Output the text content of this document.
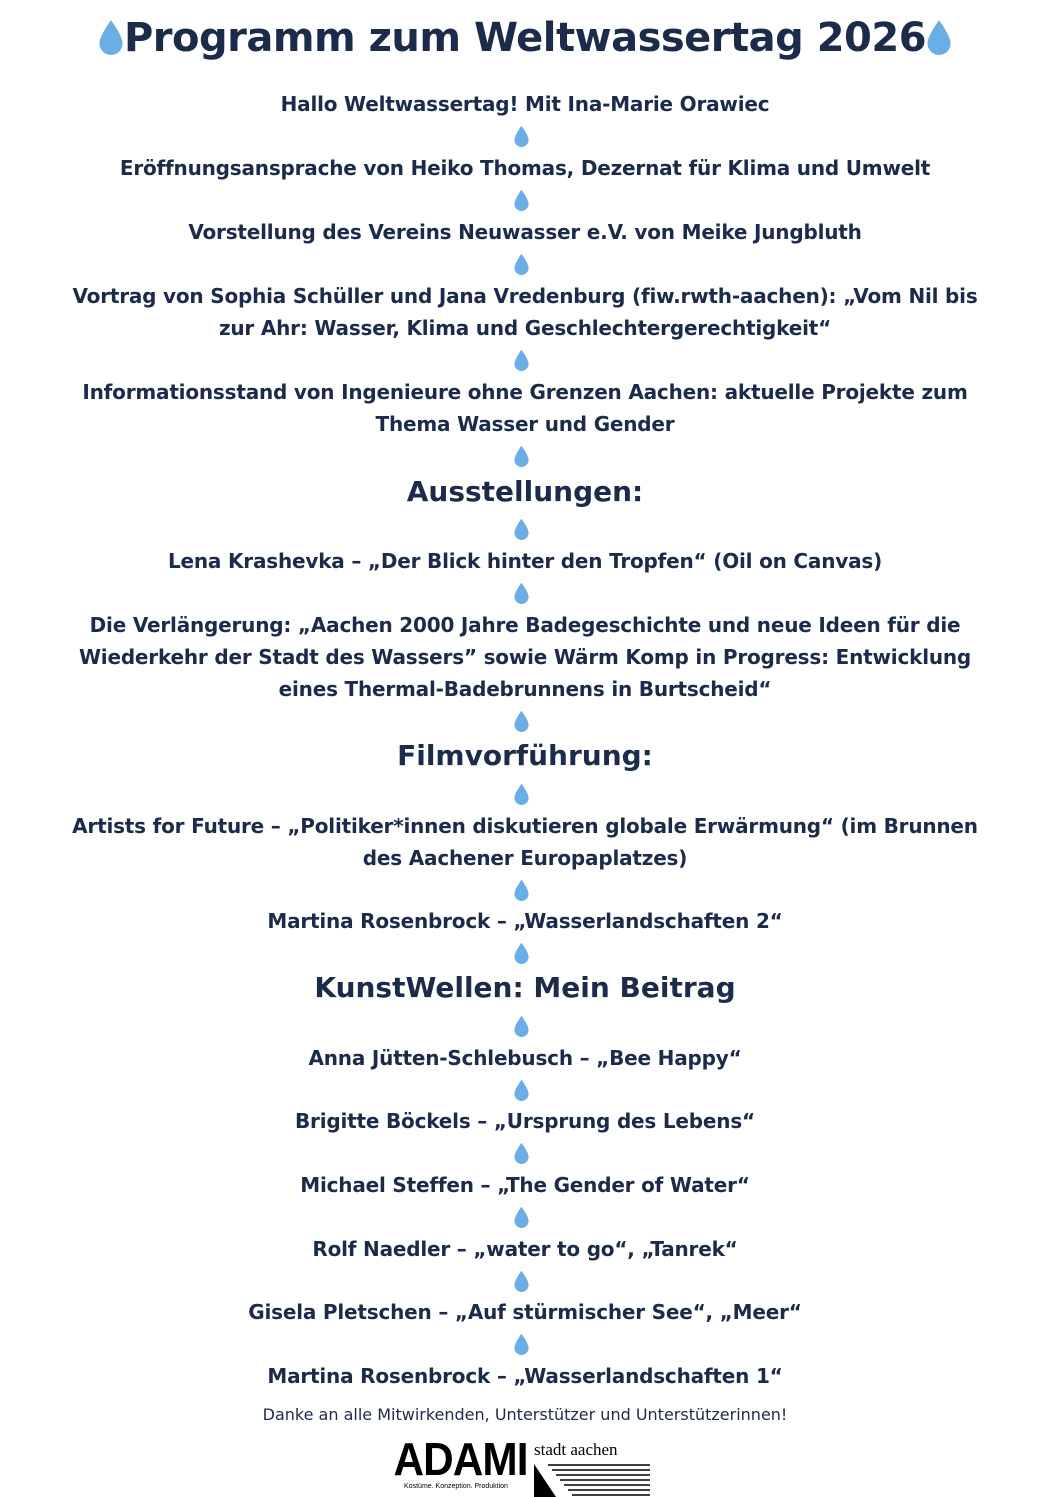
Programm zum Weltwassertag 2026
Hallo Weltwassertag! Mit Ina-Marie Orawiec
Eröffnungsansprache von Heiko Thomas, Dezernat für Klima und Umwelt
Vorstellung des Vereins Neuwasser e.V. von Meike Jungbluth
Vortrag von Sophia Schüller und Jana Vredenburg (fiw.rwth-aachen): „Vom Nil bis
zur Ahr: Wasser, Klima und Geschlechtergerechtigkeit“
Informationsstand von Ingenieure ohne Grenzen Aachen: aktuelle Projekte zum
Thema Wasser und Gender
Ausstellungen:
Lena Krashevka – „Der Blick hinter den Tropfen“ (Oil on Canvas)
Die Verlängerung: „Aachen 2000 Jahre Badegeschichte und neue Ideen für die
Wiederkehr der Stadt des Wassers” sowie Wärm Komp in Progress: Entwicklung
eines Thermal-Badebrunnens in Burtscheid“
Filmvorführung:
Artists for Future – „Politiker*innen diskutieren globale Erwärmung“ (im Brunnen
des Aachener Europaplatzes)
Martina Rosenbrock – „Wasserlandschaften 2“
KunstWellen: Mein Beitrag
Anna Jütten-Schlebusch – „Bee Happy“
Brigitte Böckels – „Ursprung des Lebens“
Michael Steffen – „The Gender of Water“
Rolf Naedler – „water to go“, „Tanrek“
Gisela Pletschen – „Auf stürmischer See“, „Meer“
Martina Rosenbrock – „Wasserlandschaften 1“
Danke an alle Mitwirkenden, Unterstützer und Unterstützerinnen!
ADAMI
Kostüme. Konzeption. Produktion
stadt aachen
